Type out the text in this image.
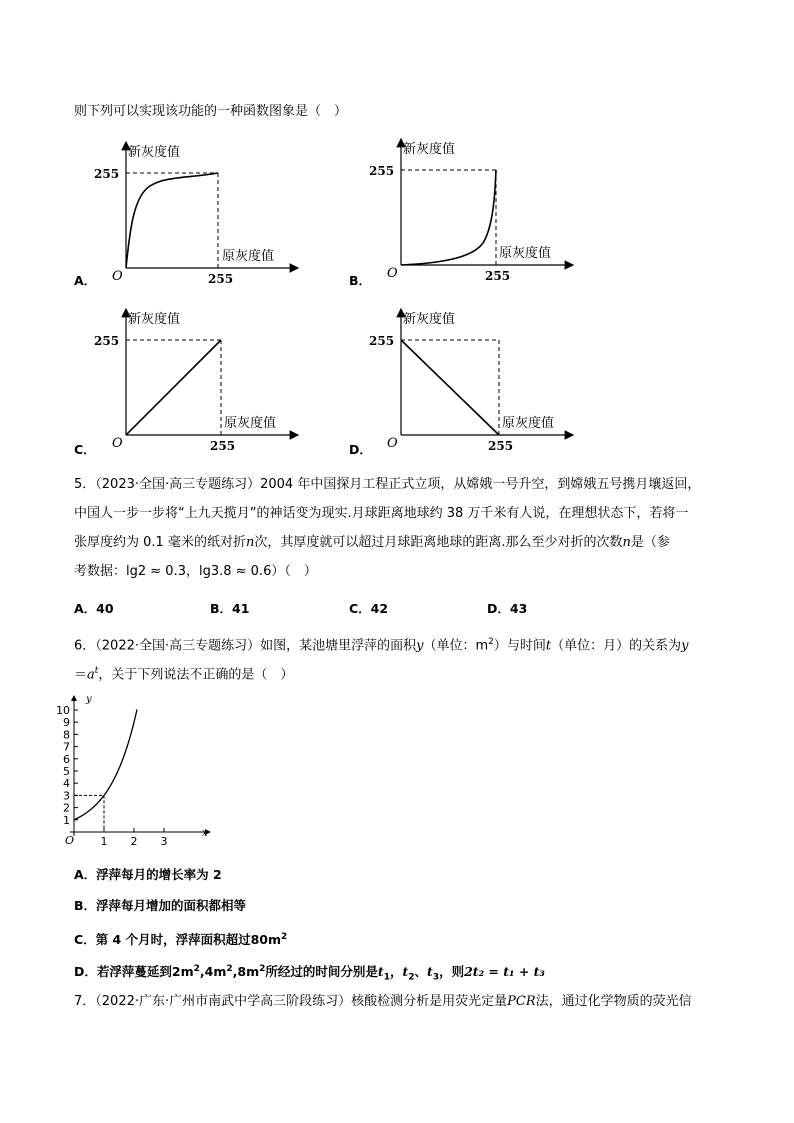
则下列可以实现该功能的一种函数图象是（　）
新灰度值
255
原灰度值
255
O
A．
新灰度值
255
原灰度值
255
O
B．
新灰度值
255
原灰度值
255
O
C．
新灰度值
255
原灰度值
255
O
D．
5．（2023·全国·高三专题练习）2004 年中国探月工程正式立项，从嫦娥一号升空，到嫦娥五号携月壤返回，
中国人一步一步将“上九天揽月”的神话变为现实.月球距离地球约 38 万千米有人说，在理想状态下，若将一
张厚度约为 0.1 毫米的纸对折n次，其厚度就可以超过月球距离地球的距离.那么至少对折的次数n是（参
考数据：lg2 ≈ 0.3，lg3.8 ≈ 0.6）（　）
A．40	B．41	C．42	D．43
6．（2022·全国·高三专题练习）如图，某池塘里浮萍的面积y（单位：$m^2$）与时间t（单位：月）的关系为y
$=a^t$，关于下列说法不正确的是（　）
1
2
3
4
5
6
7
8
9
10
1 2 3
y
x
O
A．浮萍每月的增长率为 2
B．浮萍每月增加的面积都相等
C．第 4 个月时，浮萍面积超过$80m^2$
D．若浮萍蔓延到$2m^2,4m^2,8m^2$所经过的时间分别是$t_1$，$t_2$、$t_3$，则2t₂ = t₁ + t₃
7．（2022·广东·广州市南武中学高三阶段练习）核酸检测分析是用荧光定量PCR法，通过化学物质的荧光信
